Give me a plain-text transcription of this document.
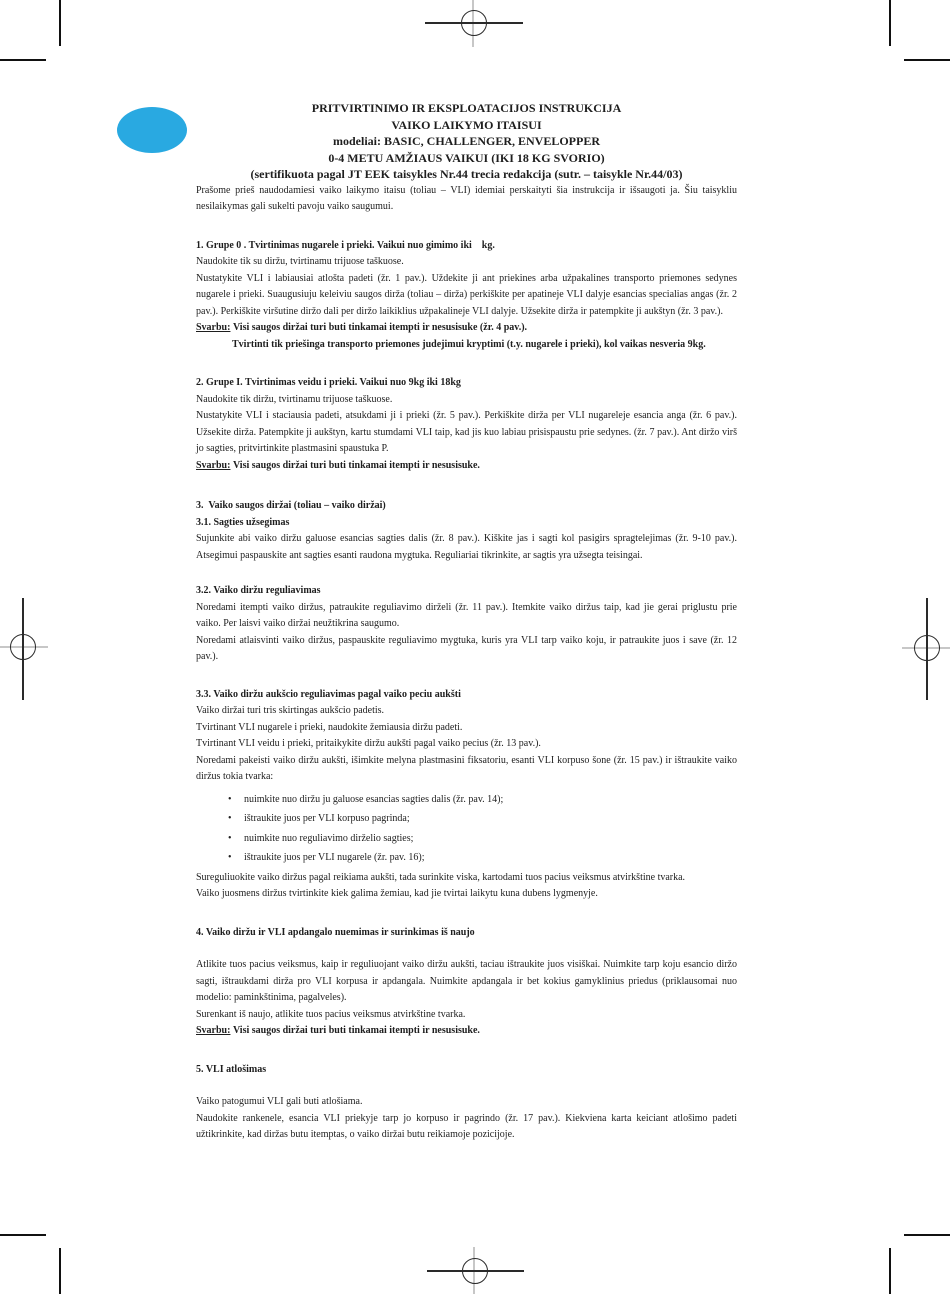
PRITVIRTINIMO IR EKSPLOATACIJOS INSTRUKCIJA

VAIKO LAIKYMO ITAISUI

modeliai: BASIC, CHALLENGER, ENVELOPPER

0-4 METU AMŽIAUS VAIKUI (IKI 18 KG SVORIO)

(sertifikuota pagal JT EEK taisykles Nr.44 trecia redakcija (sutr. – taisykle Nr.44/03)

Prašome prieš naudodamiesi vaiko laikymo itaisu (toliau – VLI) idemiai perskaityti šia instrukcija ir išsaugoti ja. Šiu taisykliu nesilaikymas gali sukelti pavoju vaiko saugumui.

1. Grupe 0 . Tvirtinimas nugarele i prieki. Vaikui nuo gimimo iki    kg.

Naudokite tik su diržu, tvirtinamu trijuose taškuose.

Nustatykite VLI i labiausiai atlošta padeti (žr. 1 pav.). Uždekite ji ant priekines arba užpakalines transporto priemones sedynes nugarele i prieki. Suaugusiuju keleiviu saugos dirža (toliau – dirža) perkiškite per apatineje VLI dalyje esancias specialias angas (žr. 2 pav.). Perkiškite viršutine diržo dali per diržo laikiklius užpakalineje VLI dalyje. Užsekite dirža ir patempkite ji aukštyn (žr. 3 pav.).

Svarbu: Visi saugos diržai turi buti tinkamai itempti ir nesusisuke (žr. 4 pav.).

Tvirtinti tik priešinga transporto priemones judejimui kryptimi (t.y. nugarele i prieki), kol vaikas nesveria 9kg.

2. Grupe I. Tvirtinimas veidu i prieki. Vaikui nuo 9kg iki 18kg

Naudokite tik diržu, tvirtinamu trijuose taškuose.

Nustatykite VLI i staciausia padeti, atsukdami ji i prieki (žr. 5 pav.). Perkiškite dirža per VLI nugareleje esancia anga (žr. 6 pav.). Užsekite dirža. Patempkite ji aukštyn, kartu stumdami VLI taip, kad jis kuo labiau prisispaustu prie sedynes. (žr. 7 pav.). Ant diržo virš jo sagties, pritvirtinkite plastmasini spaustuka P.

Svarbu: Visi saugos diržai turi buti tinkamai itempti ir nesusisuke.

3.  Vaiko saugos diržai (toliau – vaiko diržai)

3.1. Sagties užsegimas

Sujunkite abi vaiko diržu galuose esancias sagties dalis (žr. 8 pav.). Kiškite jas i sagti kol pasigirs spragtelejimas (žr. 9-10 pav.). Atsegimui paspauskite ant sagties esanti raudona mygtuka. Reguliariai tikrinkite, ar sagtis yra užsegta teisingai.

3.2. Vaiko diržu reguliavimas

Noredami itempti vaiko diržus, patraukite reguliavimo dirželi (žr. 11 pav.). Itemkite vaiko diržus taip, kad jie gerai priglustu prie vaiko. Per laisvi vaiko diržai neužtikrina saugumo.

Noredami atlaisvinti vaiko diržus, paspauskite reguliavimo mygtuka, kuris yra VLI tarp vaiko koju, ir patraukite juos i save (žr. 12 pav.).

3.3. Vaiko diržu aukšcio reguliavimas pagal vaiko peciu aukšti

Vaiko diržai turi tris skirtingas aukšcio padetis.

Tvirtinant VLI nugarele i prieki, naudokite žemiausia diržu padeti.

Tvirtinant VLI veidu i prieki, pritaikykite diržu aukšti pagal vaiko pecius (žr. 13 pav.).

Noredami pakeisti vaiko diržu aukšti, išimkite melyna plastmasini fiksatoriu, esanti VLI korpuso šone (žr. 15 pav.) ir ištraukite vaiko diržus tokia tvarka:

• nuimkite nuo diržu ju galuose esancias sagties dalis (žr. pav. 14);
• ištraukite juos per VLI korpuso pagrinda;
• nuimkite nuo reguliavimo dirželio sagties;
• ištraukite juos per VLI nugarele (žr. pav. 16);

Sureguliuokite vaiko diržus pagal reikiama aukšti, tada surinkite viska, kartodami tuos pacius veiksmus atvirkštine tvarka.

Vaiko juosmens diržus tvirtinkite kiek galima žemiau, kad jie tvirtai laikytu kuna dubens lygmenyje.

4. Vaiko diržu ir VLI apdangalo nuemimas ir surinkimas iš naujo

Atlikite tuos pacius veiksmus, kaip ir reguliuojant vaiko diržu aukšti, taciau ištraukite juos visiškai. Nuimkite tarp koju esancio diržo sagti, ištraukdami dirža pro VLI korpusa ir apdangala. Nuimkite apdangala ir bet kokius gamyklinius priedus (priklausomai nuo modelio: paminkštinima, pagalveles).

Surenkant iš naujo, atlikite tuos pacius veiksmus atvirkštine tvarka.

Svarbu: Visi saugos diržai turi buti tinkamai itempti ir nesusisuke.

5. VLI atlošimas

Vaiko patogumui VLI gali buti atlošiama.

Naudokite rankenele, esancia VLI priekyje tarp jo korpuso ir pagrindo (žr. 17 pav.). Kiekviena karta keiciant atlošimo padeti užtikrinkite, kad diržas butu itemptas, o vaiko diržai butu reikiamoje pozicijoje.
